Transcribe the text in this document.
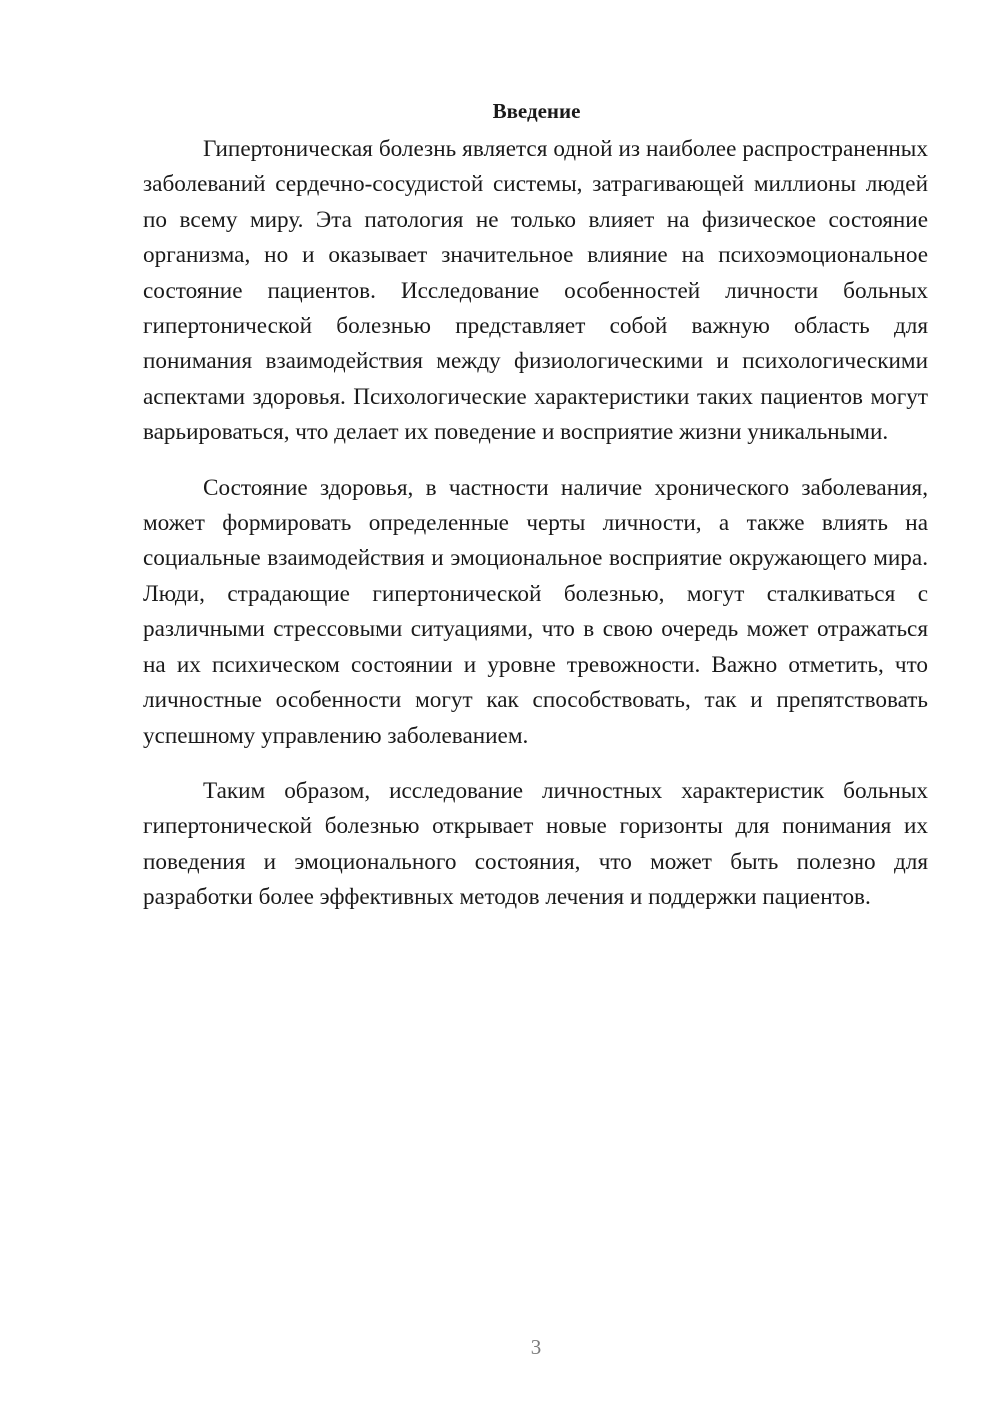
Введение

Гипертоническая болезнь является одной из наиболее распространенных заболеваний сердечно-сосудистой системы, затрагивающей миллионы людей по всему миру. Эта патология не только влияет на физическое состояние организма, но и оказывает значительное влияние на психоэмоциональное состояние пациентов. Исследование особенностей личности больных гипертонической болезнью представляет собой важную область для понимания взаимодействия между физиологическими и психологическими аспектами здоровья. Психологические характеристики таких пациентов могут варьироваться, что делает их поведение и восприятие жизни уникальными.

Состояние здоровья, в частности наличие хронического заболевания, может формировать определенные черты личности, а также влиять на социальные взаимодействия и эмоциональное восприятие окружающего мира. Люди, страдающие гипертонической болезнью, могут сталкиваться с различными стрессовыми ситуациями, что в свою очередь может отражаться на их психическом состоянии и уровне тревожности. Важно отметить, что личностные особенности могут как способствовать, так и препятствовать успешному управлению заболеванием.

Таким образом, исследование личностных характеристик больных гипертонической болезнью открывает новые горизонты для понимания их поведения и эмоционального состояния, что может быть полезно для разработки более эффективных методов лечения и поддержки пациентов.

3
